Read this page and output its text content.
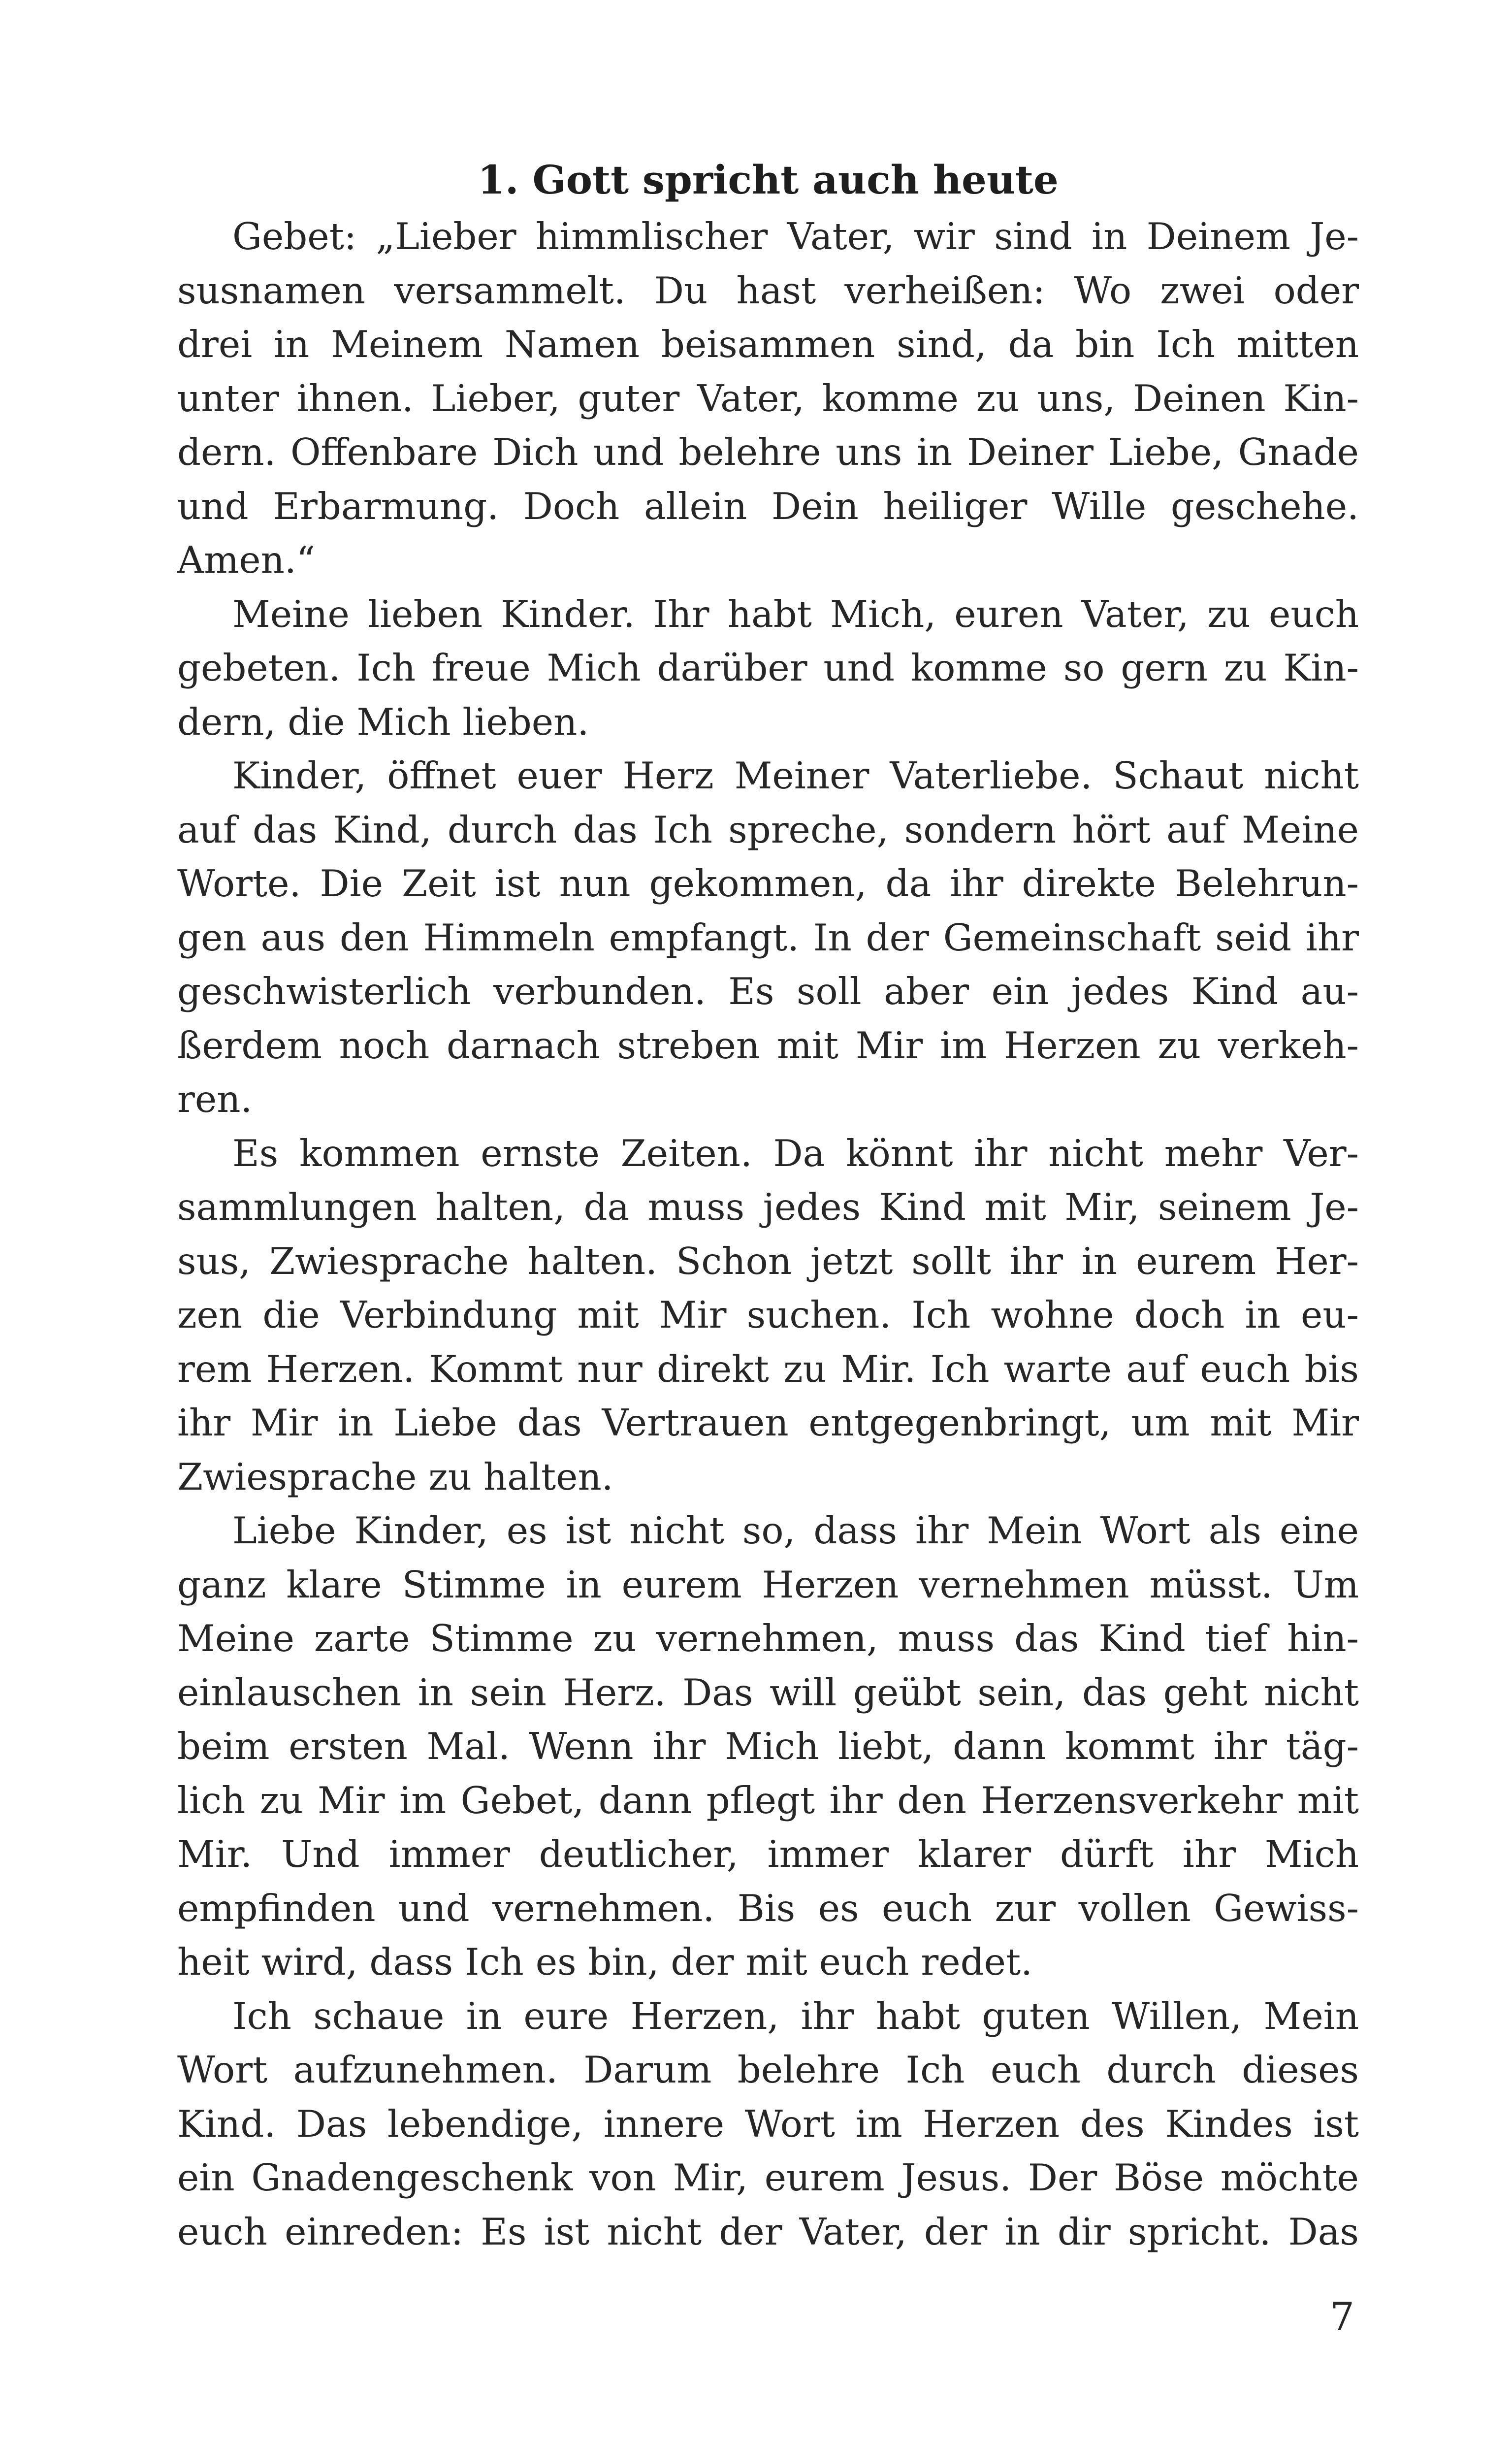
1. Gott spricht auch heute
Gebet: „Lieber himmlischer Vater, wir sind in Deinem Je-
susnamen versammelt. Du hast verheißen: Wo zwei oder
drei in Meinem Namen beisammen sind, da bin Ich mitten
unter ihnen. Lieber, guter Vater, komme zu uns, Deinen Kin-
dern. Offenbare Dich und belehre uns in Deiner Liebe, Gnade
und Erbarmung. Doch allein Dein heiliger Wille geschehe.
Amen.“
Meine lieben Kinder. Ihr habt Mich, euren Vater, zu euch
gebeten. Ich freue Mich darüber und komme so gern zu Kin-
dern, die Mich lieben.
Kinder, öffnet euer Herz Meiner Vaterliebe. Schaut nicht
auf das Kind, durch das Ich spreche, sondern hört auf Meine
Worte. Die Zeit ist nun gekommen, da ihr direkte Belehrun-
gen aus den Himmeln empfangt. In der Gemeinschaft seid ihr
geschwisterlich verbunden. Es soll aber ein jedes Kind au-
ßerdem noch darnach streben mit Mir im Herzen zu verkeh-
ren.
Es kommen ernste Zeiten. Da könnt ihr nicht mehr Ver-
sammlungen halten, da muss jedes Kind mit Mir, seinem Je-
sus, Zwiesprache halten. Schon jetzt sollt ihr in eurem Her-
zen die Verbindung mit Mir suchen. Ich wohne doch in eu-
rem Herzen. Kommt nur direkt zu Mir. Ich warte auf euch bis
ihr Mir in Liebe das Vertrauen entgegenbringt, um mit Mir
Zwiesprache zu halten.
Liebe Kinder, es ist nicht so, dass ihr Mein Wort als eine
ganz klare Stimme in eurem Herzen vernehmen müsst. Um
Meine zarte Stimme zu vernehmen, muss das Kind tief hin-
einlauschen in sein Herz. Das will geübt sein, das geht nicht
beim ersten Mal. Wenn ihr Mich liebt, dann kommt ihr täg-
lich zu Mir im Gebet, dann pflegt ihr den Herzensverkehr mit
Mir. Und immer deutlicher, immer klarer dürft ihr Mich
empfinden und vernehmen. Bis es euch zur vollen Gewiss-
heit wird, dass Ich es bin, der mit euch redet.
Ich schaue in eure Herzen, ihr habt guten Willen, Mein
Wort aufzunehmen. Darum belehre Ich euch durch dieses
Kind. Das lebendige, innere Wort im Herzen des Kindes ist
ein Gnadengeschenk von Mir, eurem Jesus. Der Böse möchte
euch einreden: Es ist nicht der Vater, der in dir spricht. Das
7
